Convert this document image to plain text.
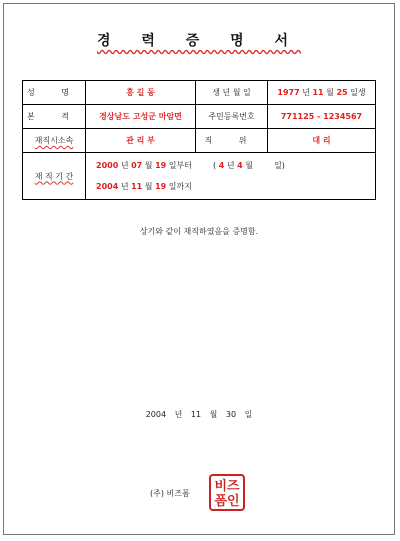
경 력 증 명 서
성 명	홍 길 동	생 년 월 일	1977 년 11 월 25 일생
본 적	경상남도 고성군 마암면	주민등록번호	771125 - 1234567
재직시소속	관 리 부	직 위	대 리
재 직 기 간	2000 년 07 월 19 일부터 ( 4 년 4 월 일)
2004 년 11 월 19 일까지		
상기와 같이 재직하였음을 증명함.
2004 년 11 월 30 일
(주) 비즈폼 비즈
폼인
